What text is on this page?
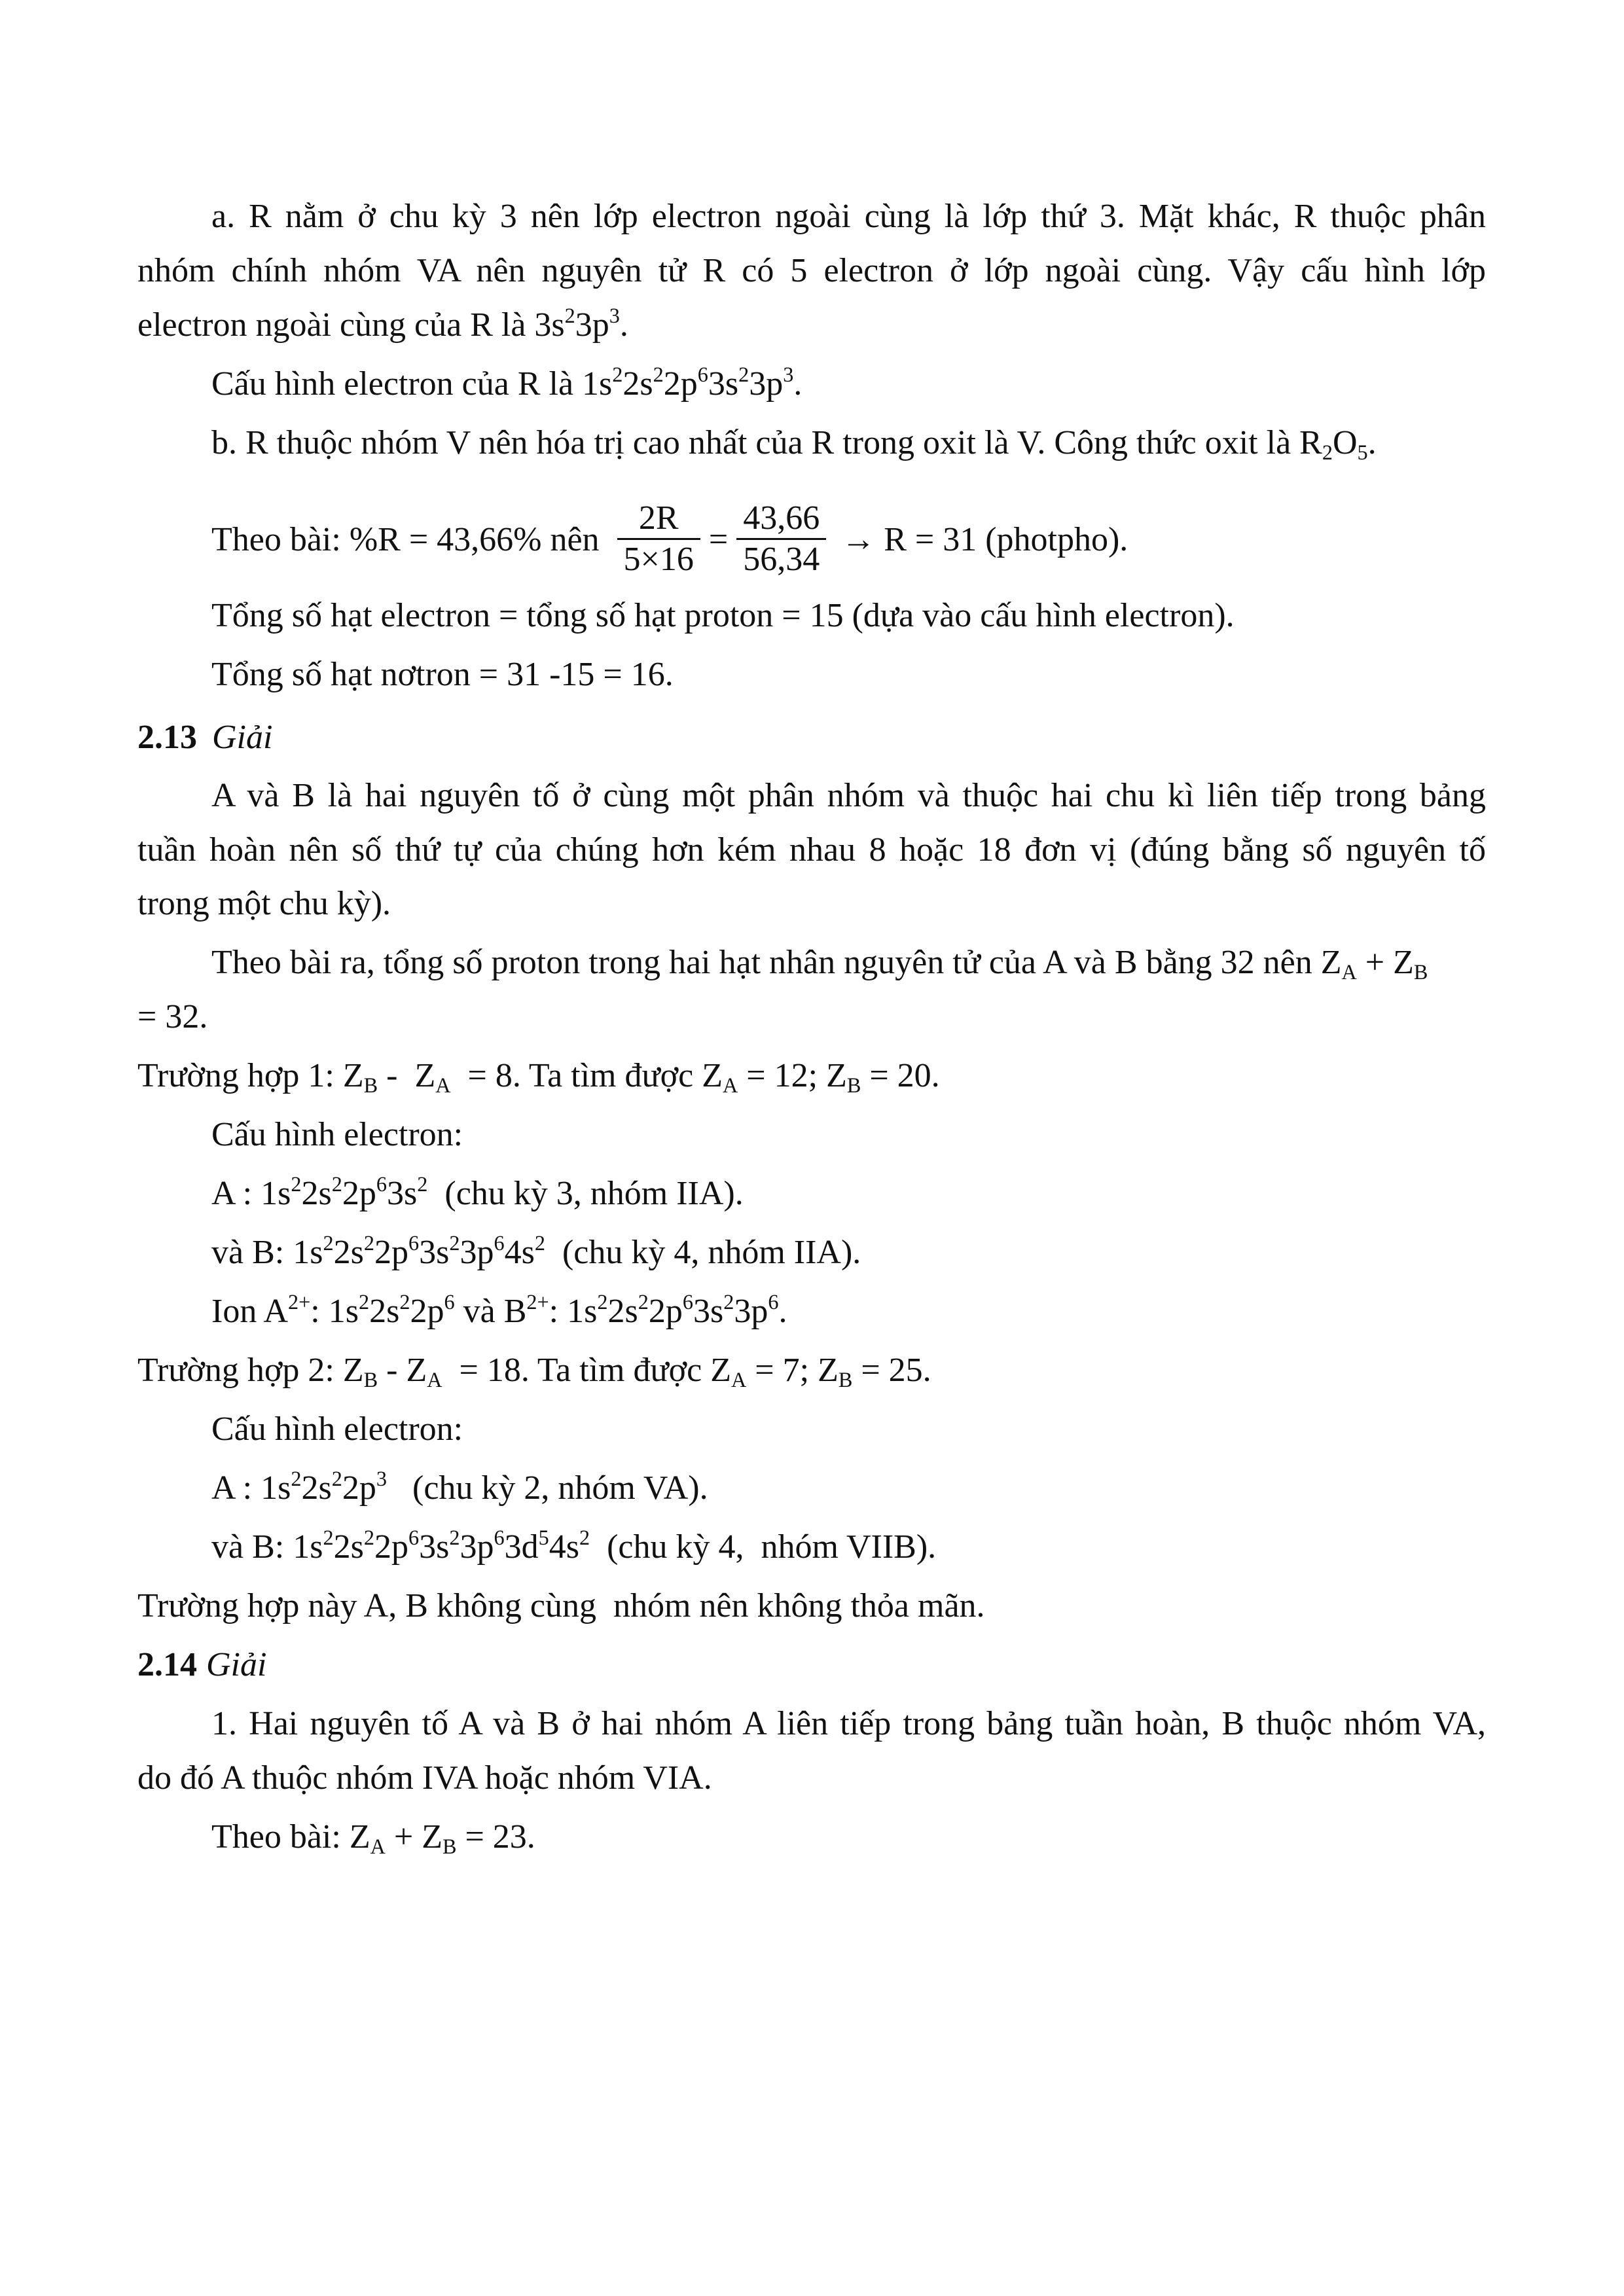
a. R nằm ở chu kỳ 3 nên lớp electron ngoài cùng là lớp thứ 3. Mặt khác, R thuộc phân
nhóm chính nhóm VA nên nguyên tử R có 5 electron ở lớp ngoài cùng. Vậy cấu hình lớp
electron ngoài cùng của R là $3s^23p^3$.
Cấu hình electron của R là $1s^22s^22p^63s^23p^3$.
b. R thuộc nhóm V nên hóa trị cao nhất của R trong oxit là V. Công thức oxit là $R_2O_5$.
Theo bài: %R = 43,66% nên $\frac{2R}{5\times 16} = \frac{43,66}{56,34} \to R = 31$ (photpho).
Tổng số hạt electron = tổng số hạt proton = 15 (dựa vào cấu hình electron).
Tổng số hạt nơtron = 31 -15 = 16.
2.13 Giải
A và B là hai nguyên tố ở cùng một phân nhóm và thuộc hai chu kì liên tiếp trong bảng
tuần hoàn nên số thứ tự của chúng hơn kém nhau 8 hoặc 18 đơn vị (đúng bằng số nguyên tố
trong một chu kỳ).
Theo bài ra, tổng số proton trong hai hạt nhân nguyên tử của A và B bằng 32 nên $Z_A + Z_B$
= 32.
Trường hợp 1: $Z_B - Z_A = 8$. Ta tìm được $Z_A = 12$; $Z_B = 20$.
Cấu hình electron:
A : $1s^22s^22p^63s^2$  (chu kỳ 3, nhóm IIA).
và B: $1s^22s^22p^63s^23p^64s^2$  (chu kỳ 4, nhóm IIA).
Ion $A^{2+}$: $1s^22s^22p^6$ và $B^{2+}$: $1s^22s^22p^63s^23p^6$.
Trường hợp 2: $Z_B - Z_A = 18$. Ta tìm được $Z_A = 7$; $Z_B = 25$.
Cấu hình electron:
A : $1s^22s^22p^3$   (chu kỳ 2, nhóm VA).
và B: $1s^22s^22p^63s^23p^63d^54s^2$  (chu kỳ 4,  nhóm VIIB).
Trường hợp này A, B không cùng  nhóm nên không thỏa mãn.
2.14 Giải
1. Hai nguyên tố A và B ở hai nhóm A liên tiếp trong bảng tuần hoàn, B thuộc nhóm VA,
do đó A thuộc nhóm IVA hoặc nhóm VIA.
Theo bài: $Z_A + Z_B = 23$.
